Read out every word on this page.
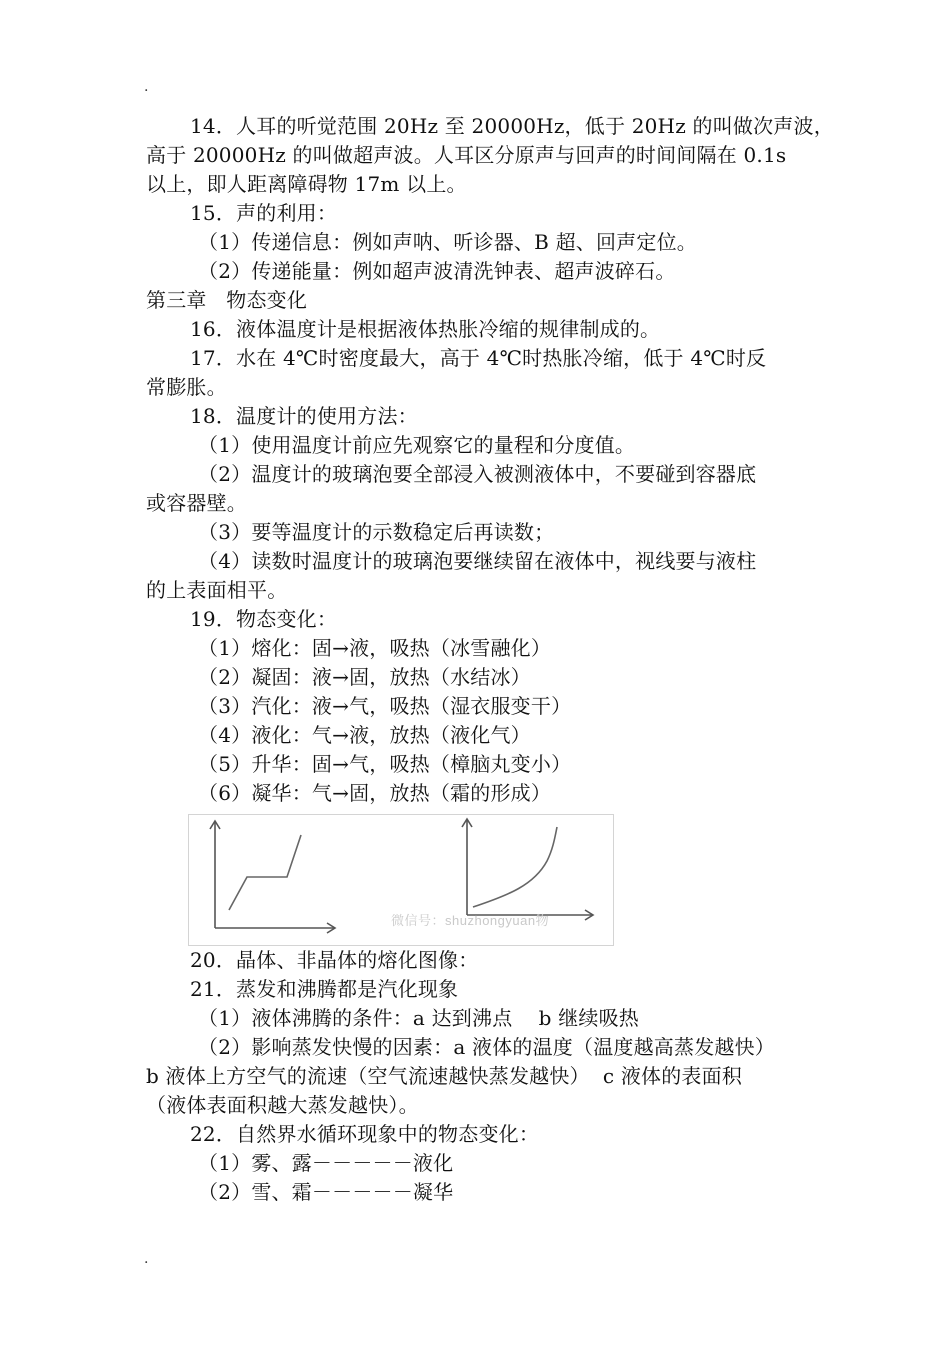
.
14．人耳的听觉范围 20Hz 至 20000Hz，低于 20Hz 的叫做次声波，
高于 20000Hz 的叫做超声波。人耳区分原声与回声的时间间隔在 0.1s
以上，即人距离障碍物 17m 以上。
15．声的利用：
（1）传递信息：例如声呐、听诊器、B 超、回声定位。
（2）传递能量：例如超声波清洗钟表、超声波碎石。
第三章   物态变化
16．液体温度计是根据液体热胀冷缩的规律制成的。
17．水在 4℃时密度最大，高于 4℃时热胀冷缩，低于 4℃时反
常膨胀。
18．温度计的使用方法：
（1）使用温度计前应先观察它的量程和分度值。
（2）温度计的玻璃泡要全部浸入被测液体中，不要碰到容器底
或容器壁。
（3）要等温度计的示数稳定后再读数；
（4）读数时温度计的玻璃泡要继续留在液体中，视线要与液柱
的上表面相平。
19．物态变化：
（1）熔化：固→液，吸热（冰雪融化）
（2）凝固：液→固，放热（水结冰）
（3）汽化：液→气，吸热（湿衣服变干）
（4）液化：气→液，放热（液化气）
（5）升华：固→气，吸热（樟脑丸变小）
（6）凝华：气→固，放热（霜的形成）
微信号：shuzhongyuan物
20．晶体、非晶体的熔化图像：
21．蒸发和沸腾都是汽化现象
（1）液体沸腾的条件：a 达到沸点    b 继续吸热
（2）影响蒸发快慢的因素：a 液体的温度（温度越高蒸发越快）
b 液体上方空气的流速（空气流速越快蒸发越快）  c 液体的表面积
（液体表面积越大蒸发越快）。
22．自然界水循环现象中的物态变化：
（1）雾、露－－－－－液化
（2）雪、霜－－－－－凝华
.
